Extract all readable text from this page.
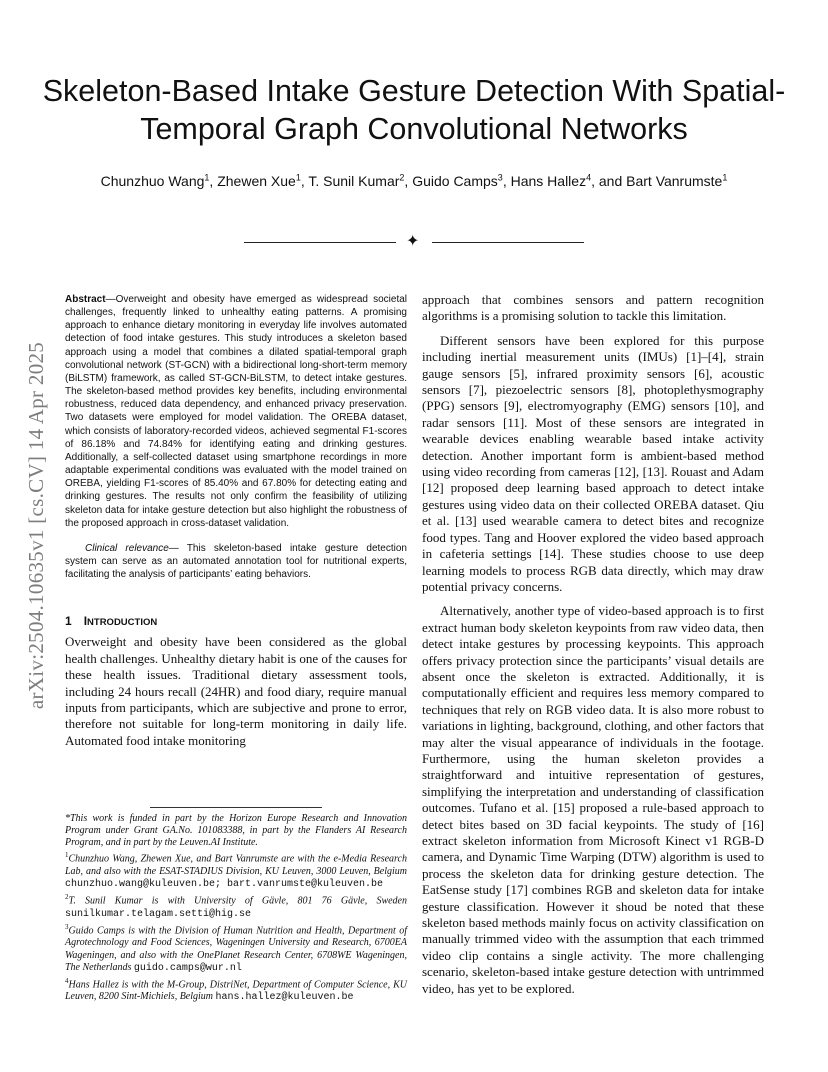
arXiv:2504.10635v1 [cs.CV] 14 Apr 2025
Skeleton-Based Intake Gesture Detection With Spatial-Temporal Graph Convolutional Networks
Chunzhuo Wang$^1$, Zhewen Xue$^1$, T. Sunil Kumar$^2$, Guido Camps$^3$, Hans Hallez$^4$, and Bart Vanrumste$^1$
✦

Abstract—Overweight and obesity have emerged as widespread societal challenges, frequently linked to unhealthy eating patterns. A promising approach to enhance dietary monitoring in everyday life involves automated detection of food intake gestures. This study introduces a skeleton based approach using a model that combines a dilated spatial-temporal graph convolutional network (ST-GCN) with a bidirectional long-short-term memory (BiLSTM) framework, as called ST-GCN-BiLSTM, to detect intake gestures. The skeleton-based method provides key benefits, including environmental robustness, reduced data dependency, and enhanced privacy preservation. Two datasets were employed for model validation. The OREBA dataset, which consists of laboratory-recorded videos, achieved segmental F1-scores of 86.18% and 74.84% for identifying eating and drinking gestures. Additionally, a self-collected dataset using smartphone recordings in more adaptable experimental conditions was evaluated with the model trained on OREBA, yielding F1-scores of 85.40% and 67.80% for detecting eating and drinking gestures. The results not only confirm the feasibility of utilizing skeleton data for intake gesture detection but also highlight the robustness of the proposed approach in cross-dataset validation.

Clinical relevance— This skeleton-based intake gesture detection system can serve as an automated annotation tool for nutritional experts, facilitating the analysis of participants’ eating behaviors.

1 INTRODUCTION

Overweight and obesity have been considered as the global health challenges. Unhealthy dietary habit is one of the causes for these health issues. Traditional dietary assessment tools, including 24 hours recall (24HR) and food diary, require manual inputs from participants, which are subjective and prone to error, therefore not suitable for long-term monitoring in daily life. Automated food intake monitoring

*This work is funded in part by the Horizon Europe Research and Innovation Program under Grant GA.No. 101083388, in part by the Flanders AI Research Program, and in part by the Leuven.AI Institute.

$^1$Chunzhuo Wang, Zhewen Xue, and Bart Vanrumste are with the e-Media Research Lab, and also with the ESAT-STADIUS Division, KU Leuven, 3000 Leuven, Belgium chunzhuo.wang@kuleuven.be; bart.vanrumste@kuleuven.be

$^2$T. Sunil Kumar is with University of Gävle, 801 76 Gävle, Sweden sunilkumar.telagam.setti@hig.se

$^3$Guido Camps is with the Division of Human Nutrition and Health, Department of Agrotechnology and Food Sciences, Wageningen University and Research, 6700EA Wageningen, and also with the OnePlanet Research Center, 6708WE Wageningen, The Netherlands guido.camps@wur.nl

$^4$Hans Hallez is with the M-Group, DistriNet, Department of Computer Science, KU Leuven, 8200 Sint-Michiels, Belgium hans.hallez@kuleuven.be

approach that combines sensors and pattern recognition algorithms is a promising solution to tackle this limitation.

Different sensors have been explored for this purpose including inertial measurement units (IMUs) [1]–[4], strain gauge sensors [5], infrared proximity sensors [6], acoustic sensors [7], piezoelectric sensors [8], photoplethysmography (PPG) sensors [9], electromyography (EMG) sensors [10], and radar sensors [11]. Most of these sensors are integrated in wearable devices enabling wearable based intake activity detection. Another important form is ambient-based method using video recording from cameras [12], [13]. Rouast and Adam [12] proposed deep learning based approach to detect intake gestures using video data on their collected OREBA dataset. Qiu et al. [13] used wearable camera to detect bites and recognize food types. Tang and Hoover explored the video based approach in cafeteria settings [14]. These studies choose to use deep learning models to process RGB data directly, which may draw potential privacy concerns.

Alternatively, another type of video-based approach is to first extract human body skeleton keypoints from raw video data, then detect intake gestures by processing keypoints. This approach offers privacy protection since the participants’ visual details are absent once the skeleton is extracted. Additionally, it is computationally efficient and requires less memory compared to techniques that rely on RGB video data. It is also more robust to variations in lighting, background, clothing, and other factors that may alter the visual appearance of individuals in the footage. Furthermore, using the human skeleton provides a straightforward and intuitive representation of gestures, simplifying the interpretation and understanding of classification outcomes. Tufano et al. [15] proposed a rule-based approach to detect bites based on 3D facial keypoints. The study of [16] extract skeleton information from Microsoft Kinect v1 RGB-D camera, and Dynamic Time Warping (DTW) algorithm is used to process the skeleton data for drinking gesture detection. The EatSense study [17] combines RGB and skeleton data for intake gesture classification. However it shoud be noted that these skeleton based methods mainly focus on activity classification on manually trimmed video with the assumption that each trimmed video clip contains a single activity. The more challenging scenario, skeleton-based intake gesture detection with untrimmed video, has yet to be explored.
